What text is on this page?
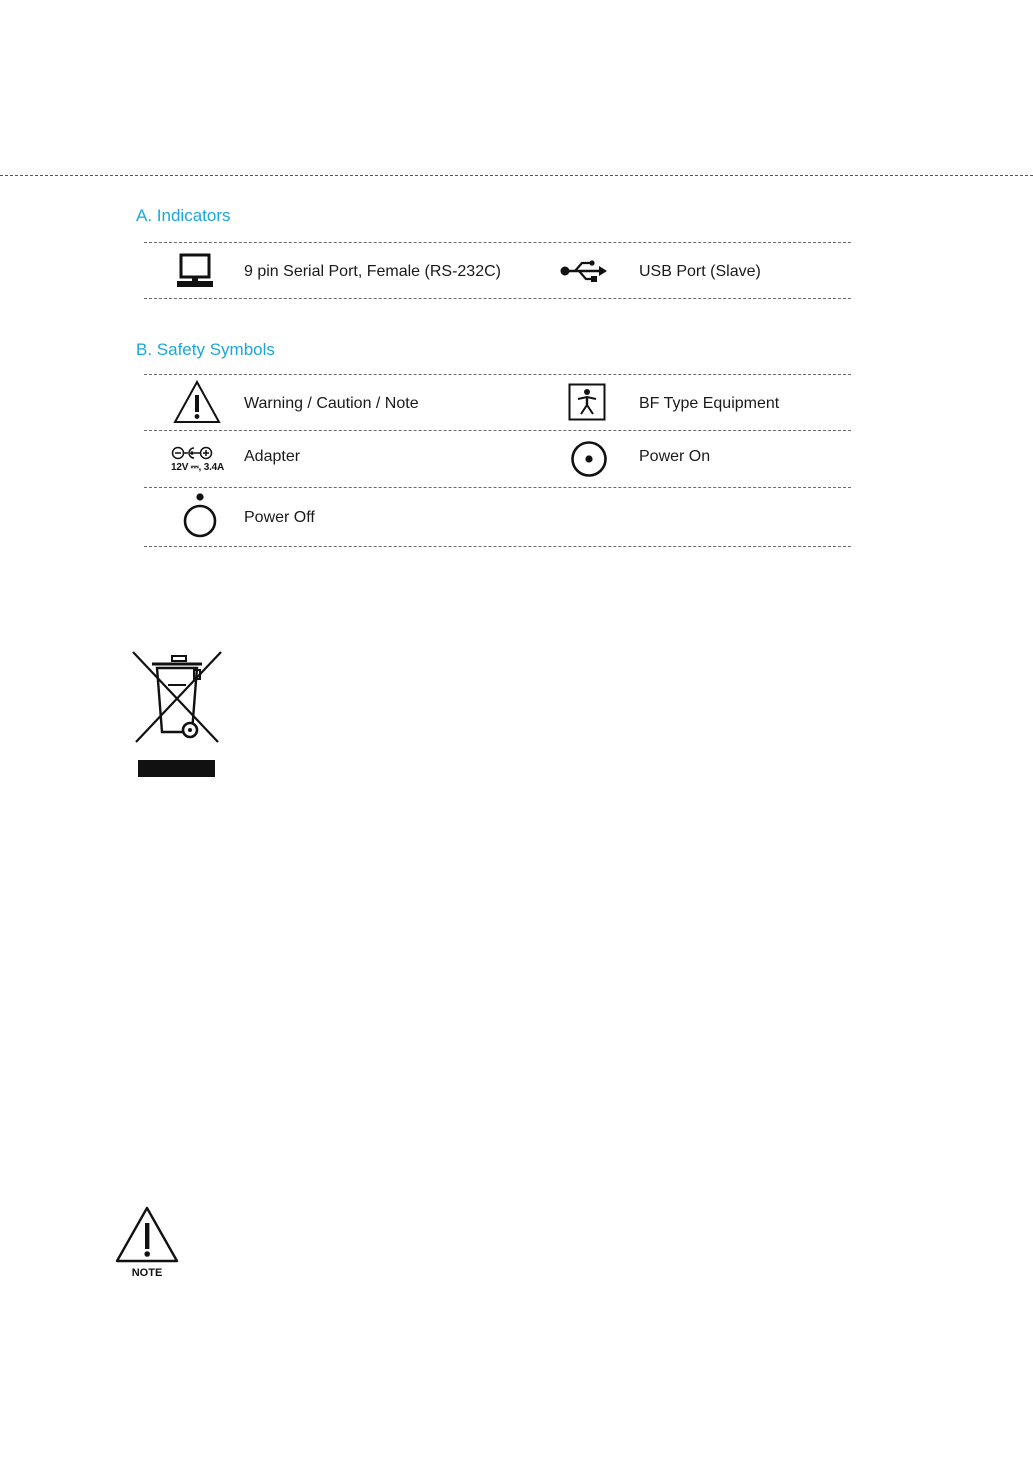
A. Indicators
9 pin Serial Port, Female (RS-232C)	USB Port (Slave)
B. Safety Symbols
Warning / Caution / Note	BF Type Equipment
12V ⎓, 3.4A
Adapter	Power On
Power Off
NOTE
